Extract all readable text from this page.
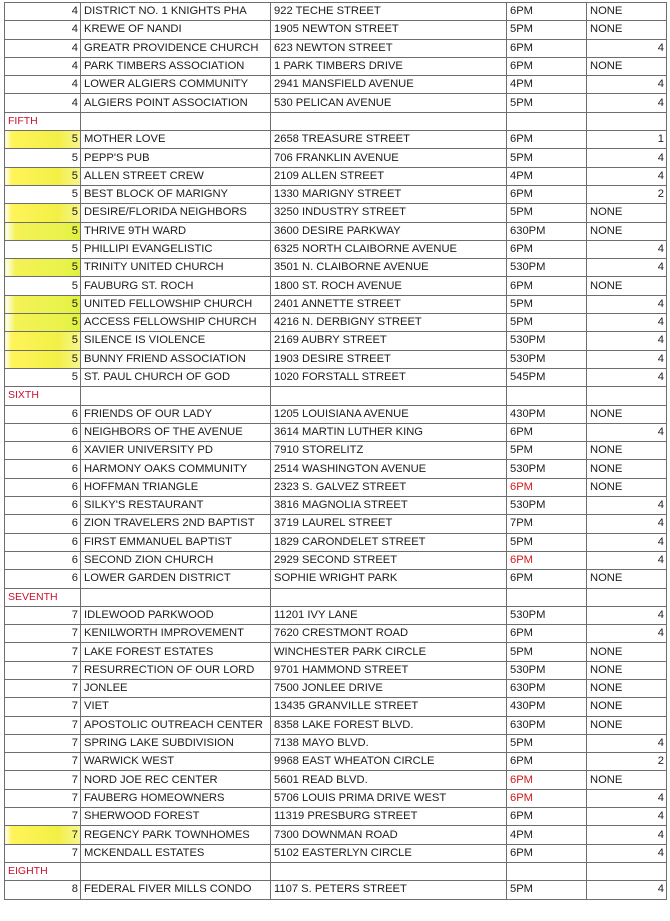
4	DISTRICT NO. 1 KNIGHTS PHA	922 TECHE STREET	6PM	NONE
4	KREWE OF NANDI	1905 NEWTON STREET	5PM	NONE
4	GREATR PROVIDENCE CHURCH	623 NEWTON STREET	6PM	4
4	PARK TIMBERS ASSOCIATION	1 PARK TIMBERS DRIVE	6PM	NONE
4	LOWER ALGIERS COMMUNITY	2941 MANSFIELD AVENUE	4PM	4
4	ALGIERS POINT ASSOCIATION	530 PELICAN AVENUE	5PM	4
FIFTH				
5	MOTHER LOVE	2658 TREASURE STREET	6PM	1
5	PEPP'S PUB	706 FRANKLIN AVENUE	5PM	4
5	ALLEN STREET CREW	2109 ALLEN STREET	4PM	4
5	BEST BLOCK OF MARIGNY	1330 MARIGNY STREET	6PM	2
5	DESIRE/FLORIDA NEIGHBORS	3250 INDUSTRY STREET	5PM	NONE
5	THRIVE 9TH WARD	3600 DESIRE PARKWAY	630PM	NONE
5	PHILLIPI EVANGELISTIC	6325 NORTH CLAIBORNE AVENUE	6PM	4
5	TRINITY UNITED CHURCH	3501 N. CLAIBORNE AVENUE	530PM	4
5	FAUBURG ST. ROCH	1800 ST. ROCH AVENUE	6PM	NONE
5	UNITED FELLOWSHIP CHURCH	2401 ANNETTE STREET	5PM	4
5	ACCESS FELLOWSHIP CHURCH	4216 N. DERBIGNY STREET	5PM	4
5	SILENCE IS VIOLENCE	2169 AUBRY STREET	530PM	4
5	BUNNY FRIEND ASSOCIATION	1903 DESIRE STREET	530PM	4
5	ST. PAUL CHURCH OF GOD	1020 FORSTALL STREET	545PM	4
SIXTH				
6	FRIENDS OF OUR LADY	1205 LOUISIANA AVENUE	430PM	NONE
6	NEIGHBORS OF THE AVENUE	3614 MARTIN LUTHER KING	6PM	4
6	XAVIER UNIVERSITY PD	7910 STORELITZ	5PM	NONE
6	HARMONY OAKS COMMUNITY	2514 WASHINGTON AVENUE	530PM	NONE
6	HOFFMAN TRIANGLE	2323 S. GALVEZ STREET	6PM	NONE
6	SILKY'S RESTAURANT	3816 MAGNOLIA STREET	530PM	4
6	ZION TRAVELERS 2ND BAPTIST	3719 LAUREL STREET	7PM	4
6	FIRST EMMANUEL BAPTIST	1829 CARONDELET STREET	5PM	4
6	SECOND ZION CHURCH	2929 SECOND STREET	6PM	4
6	LOWER GARDEN DISTRICT	SOPHIE WRIGHT PARK	6PM	NONE
SEVENTH				
7	IDLEWOOD PARKWOOD	11201 IVY LANE	530PM	4
7	KENILWORTH IMPROVEMENT	7620 CRESTMONT ROAD	6PM	4
7	LAKE FOREST ESTATES	WINCHESTER PARK CIRCLE	5PM	NONE
7	RESURRECTION OF OUR LORD	9701 HAMMOND STREET	530PM	NONE
7	JONLEE	7500 JONLEE DRIVE	630PM	NONE
7	VIET	13435 GRANVILLE STREET	430PM	NONE
7	APOSTOLIC OUTREACH CENTER	8358 LAKE FOREST BLVD.	630PM	NONE
7	SPRING LAKE SUBDIVISION	7138 MAYO BLVD.	5PM	4
7	WARWICK WEST	9968 EAST WHEATON CIRCLE	6PM	2
7	NORD JOE REC CENTER	5601 READ BLVD.	6PM	NONE
7	FAUBERG HOMEOWNERS	5706 LOUIS PRIMA DRIVE WEST	6PM	4
7	SHERWOOD FOREST	11319 PRESBURG STREET	6PM	4
7	REGENCY PARK TOWNHOMES	7300 DOWNMAN ROAD	4PM	4
7	MCKENDALL ESTATES	5102 EASTERLYN CIRCLE	6PM	4
EIGHTH				
8	FEDERAL FIVER MILLS CONDO	1107 S. PETERS STREET	5PM	4
